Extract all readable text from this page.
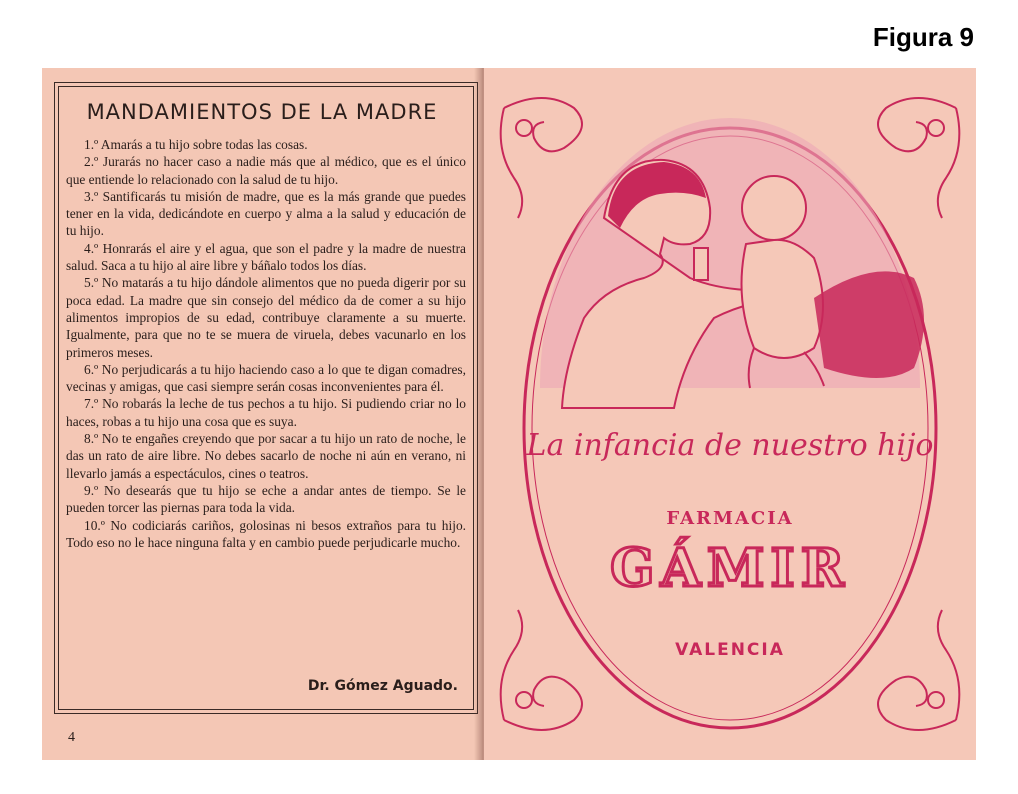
Figura 9
MANDAMIENTOS DE LA MADRE

1.º Amarás a tu hijo sobre todas las cosas.

2.º Jurarás no hacer caso a nadie más que al médico, que es el único que entiende lo relacionado con la salud de tu hijo.

3.º Santificarás tu misión de madre, que es la más grande que puedes tener en la vida, dedicándote en cuerpo y alma a la salud y educación de tu hijo.

4.º Honrarás el aire y el agua, que son el padre y la madre de nuestra salud. Saca a tu hijo al aire libre y báñalo todos los días.

5.º No matarás a tu hijo dándole alimentos que no pueda digerir por su poca edad. La madre que sin consejo del médico da de comer a su hijo alimentos impropios de su edad, contribuye claramente a su muerte. Igualmente, para que no te se muera de viruela, debes vacunarlo en los primeros meses.

6.º No perjudicarás a tu hijo haciendo caso a lo que te digan comadres, vecinas y amigas, que casi siempre serán cosas inconvenientes para él.

7.º No robarás la leche de tus pechos a tu hijo. Si pudiendo criar no lo haces, robas a tu hijo una cosa que es suya.

8.º No te engañes creyendo que por sacar a tu hijo un rato de noche, le das un rato de aire libre. No debes sacarlo de noche ni aún en verano, ni llevarlo jamás a espectáculos, cines o teatros.

9.º No desearás que tu hijo se eche a andar antes de tiempo. Se le pueden torcer las piernas para toda la vida.

10.º No codiciarás cariños, golosinas ni besos extraños para tu hijo. Todo eso no le hace ninguna falta y en cambio puede perjudicarle mucho.

Dr. Gómez Aguado.
4
La infancia de nuestro hijo
FARMACIA
GÁMIR
VALENCIA
